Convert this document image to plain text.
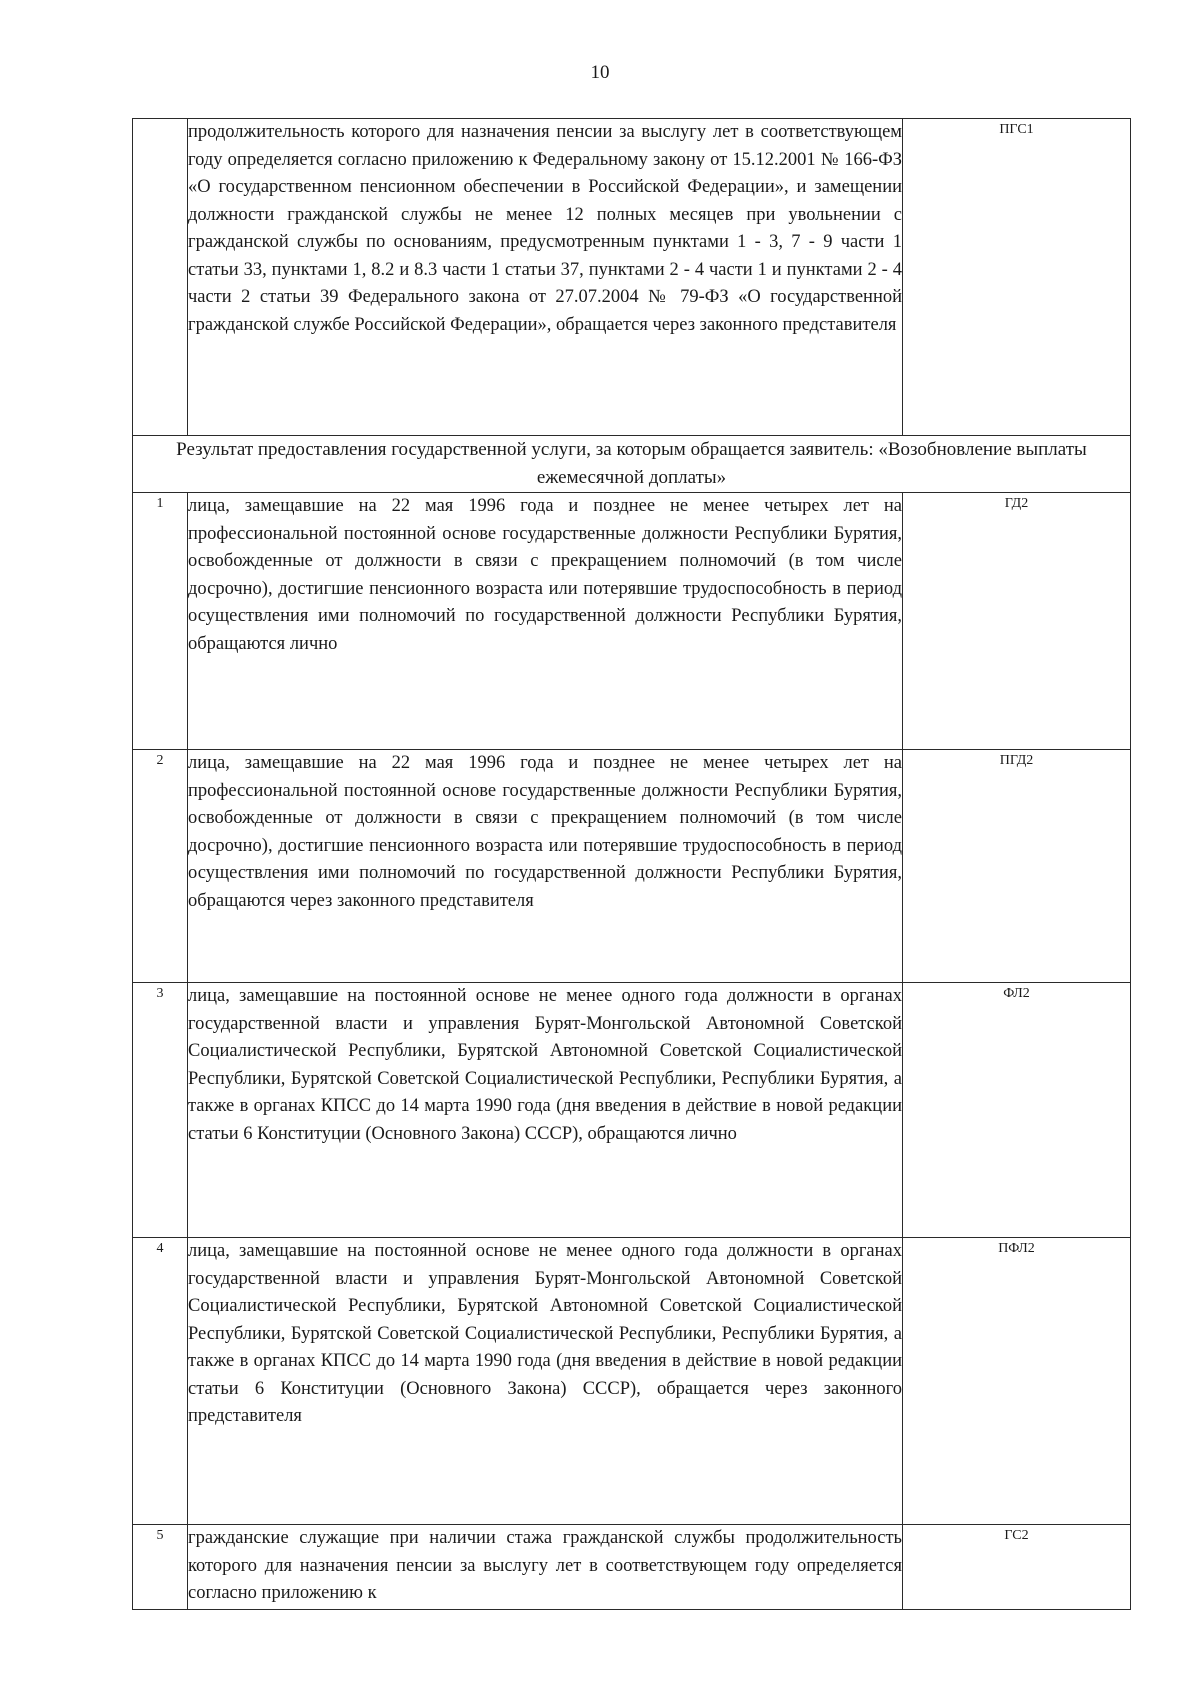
10

	продолжительность которого для назначения пенсии за выслугу лет в соответствующем году определяется согласно приложению к Федеральному закону от 15.12.2001 № 166-ФЗ «О государственном пенсионном обеспечении в Российской Федерации», и замещении должности гражданской службы не менее 12 полных месяцев при увольнении с гражданской службы по основаниям, предусмотренным пунктами 1 - 3, 7 - 9 части 1 статьи 33, пунктами 1, 8.2 и 8.3 части 1 статьи 37, пунктами 2 - 4 части 1 и пунктами 2 - 4 части 2 статьи 39 Федерального закона от 27.07.2004 № 79-ФЗ «О государственной гражданской службе Российской Федерации», обращается через законного представителя	ПГС1
Результат предоставления государственной услуги, за которым обращается заявитель: «Возобновление выплаты ежемесячной доплаты»		
1	лица, замещавшие на 22 мая 1996 года и позднее не менее четырех лет на профессиональной постоянной основе государственные должности Республики Бурятия, освобожденные от должности в связи с прекращением полномочий (в том числе досрочно), достигшие пенсионного возраста или потерявшие трудоспособность в период осуществления ими полномочий по государственной должности Республики Бурятия, обращаются лично	ГД2
2	лица, замещавшие на 22 мая 1996 года и позднее не менее четырех лет на профессиональной постоянной основе государственные должности Республики Бурятия, освобожденные от должности в связи с прекращением полномочий (в том числе досрочно), достигшие пенсионного возраста или потерявшие трудоспособность в период осуществления ими полномочий по государственной должности Республики Бурятия, обращаются через законного представителя	ПГД2
3	лица, замещавшие на постоянной основе не менее одного года должности в органах государственной власти и управления Бурят-Монгольской Автономной Советской Социалистической Республики, Бурятской Автономной Советской Социалистической Республики, Бурятской Советской Социалистической Республики, Республики Бурятия, а также в органах КПСС до 14 марта 1990 года (дня введения в действие в новой редакции статьи 6 Конституции (Основного Закона) СССР), обращаются лично	ФЛ2
4	лица, замещавшие на постоянной основе не менее одного года должности в органах государственной власти и управления Бурят-Монгольской Автономной Советской Социалистической Республики, Бурятской Автономной Советской Социалистической Республики, Бурятской Советской Социалистической Республики, Республики Бурятия, а также в органах КПСС до 14 марта 1990 года (дня введения в действие в новой редакции статьи 6 Конституции (Основного Закона) СССР), обращается через законного представителя	ПФЛ2
5	гражданские служащие при наличии стажа гражданской службы продолжительность которого для назначения пенсии за выслугу лет в соответствующем году определяется согласно приложению к	ГС2
